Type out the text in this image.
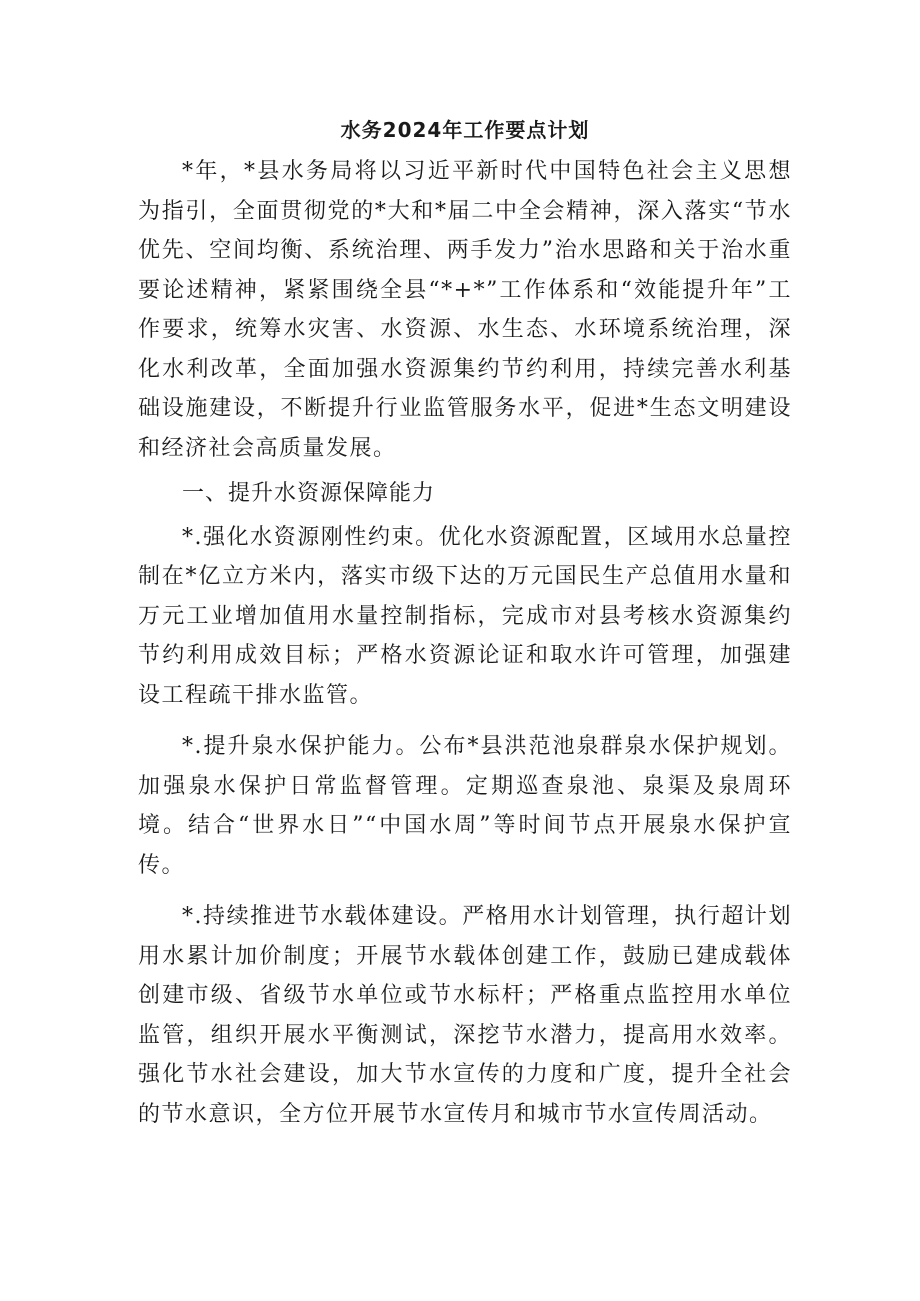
水务2024年工作要点计划

*年，*县水务局将以习近平新时代中国特色社会主义思想为指引，全面贯彻党的*大和*届二中全会精神，深入落实“节水优先、空间均衡、系统治理、两手发力”治水思路和关于治水重要论述精神，紧紧围绕全县“*+*”工作体系和“效能提升年”工作要求，统筹水灾害、水资源、水生态、水环境系统治理，深化水利改革，全面加强水资源集约节约利用，持续完善水利基础设施建设，不断提升行业监管服务水平，促进*生态文明建设和经济社会高质量发展。

一、提升水资源保障能力

*.强化水资源刚性约束。优化水资源配置，区域用水总量控制在*亿立方米内，落实市级下达的万元国民生产总值用水量和万元工业增加值用水量控制指标，完成市对县考核水资源集约节约利用成效目标；严格水资源论证和取水许可管理，加强建设工程疏干排水监管。

*.提升泉水保护能力。公布*县洪范池泉群泉水保护规划。加强泉水保护日常监督管理。定期巡查泉池、泉渠及泉周环境。结合“世界水日”“中国水周”等时间节点开展泉水保护宣传。

*.持续推进节水载体建设。严格用水计划管理，执行超计划用水累计加价制度；开展节水载体创建工作，鼓励已建成载体创建市级、省级节水单位或节水标杆；严格重点监控用水单位监管，组织开展水平衡测试，深挖节水潜力，提高用水效率。强化节水社会建设，加大节水宣传的力度和广度，提升全社会的节水意识，全方位开展节水宣传月和城市节水宣传周活动。
